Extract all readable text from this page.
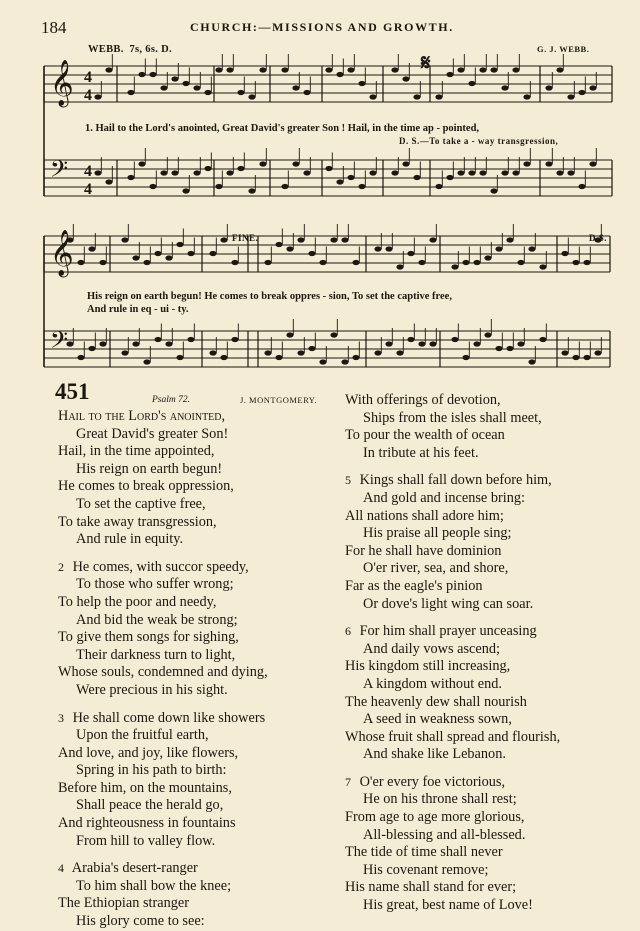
184	CHURCH:—MISSIONS AND GROWTH.
WEBB. 7s, 6s. D.	G. J. WEBB.
𝄞
𝄢
𝄞
𝄢
4
4
4
4
1. Hail to the Lord's anointed, Great David's greater Son ! Hail, in the time ap - pointed,
D. S.—To take a - way transgression,
His reign on earth begun! He comes to break oppres - sion, To set the captive free,
And rule in eq - ui - ty.
FINE.	D.S.
𝄋
451	Psalm 72.	J. MONTGOMERY.
Hail to the Lord's anointed,
Great David's greater Son!
Hail, in the time appointed,
His reign on earth begun!
He comes to break oppression,
To set the captive free,
To take away transgression,
And rule in equity.
2 He comes, with succor speedy,
To those who suffer wrong;
To help the poor and needy,
And bid the weak be strong;
To give them songs for sighing,
Their darkness turn to light,
Whose souls, condemned and dying,
Were precious in his sight.
3 He shall come down like showers
Upon the fruitful earth,
And love, and joy, like flowers,
Spring in his path to birth:
Before him, on the mountains,
Shall peace the herald go,
And righteousness in fountains
From hill to valley flow.
4 Arabia's desert-ranger
To him shall bow the knee;
The Ethiopian stranger
His glory come to see:
With offerings of devotion,
Ships from the isles shall meet,
To pour the wealth of ocean
In tribute at his feet.
5 Kings shall fall down before him,
And gold and incense bring:
All nations shall adore him;
His praise all people sing;
For he shall have dominion
O'er river, sea, and shore,
Far as the eagle's pinion
Or dove's light wing can soar.
6 For him shall prayer unceasing
And daily vows ascend;
His kingdom still increasing,
A kingdom without end.
The heavenly dew shall nourish
A seed in weakness sown,
Whose fruit shall spread and flourish,
And shake like Lebanon.
7 O'er every foe victorious,
He on his throne shall rest;
From age to age more glorious,
All-blessing and all-blessed.
The tide of time shall never
His covenant remove;
His name shall stand for ever;
His great, best name of Love!
